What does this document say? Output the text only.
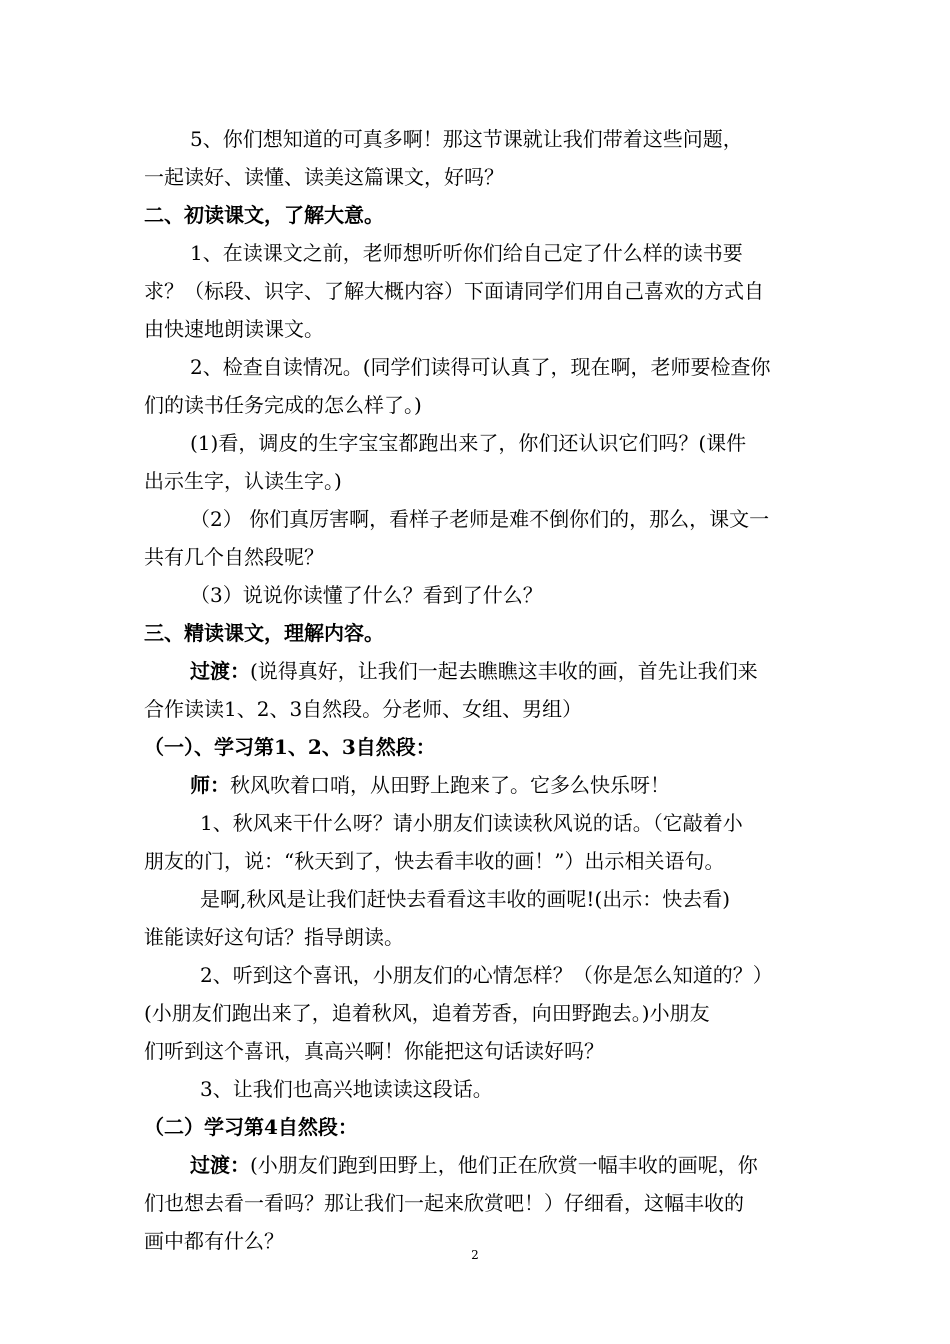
5、你们想知道的可真多啊！那这节课就让我们带着这些问题，
一起读好、读懂、读美这篇课文，好吗？
二、初读课文，了解大意。
1、在读课文之前，老师想听听你们给自己定了什么样的读书要
求？（标段、识字、了解大概内容）下面请同学们用自己喜欢的方式自
由快速地朗读课文。
2、检查自读情况。(同学们读得可认真了，现在啊，老师要检查你
们的读书任务完成的怎么样了。)
(1)看，调皮的生字宝宝都跑出来了，你们还认识它们吗？(课件
出示生字，认读生字。)
（2） 你们真厉害啊，看样子老师是难不倒你们的，那么，课文一
共有几个自然段呢？
（3）说说你读懂了什么？看到了什么？
三、精读课文，理解内容。
过渡：(说得真好，让我们一起去瞧瞧这丰收的画，首先让我们来
合作读读1、2、3自然段。分老师、女组、男组）
（一）、学习第1、2、3自然段：
师：秋风吹着口哨，从田野上跑来了。它多么快乐呀！
1、秋风来干什么呀？请小朋友们读读秋风说的话。（它敲着小
朋友的门，说：“秋天到了，快去看丰收的画！”）出示相关语句。
是啊,秋风是让我们赶快去看看这丰收的画呢!(出示：快去看)
谁能读好这句话？指导朗读。
2、听到这个喜讯，小朋友们的心情怎样？（你是怎么知道的？）
(小朋友们跑出来了，追着秋风，追着芳香，向田野跑去。)小朋友
们听到这个喜讯，真高兴啊！你能把这句话读好吗？
3、让我们也高兴地读读这段话。
（二）学习第4自然段：
过渡：(小朋友们跑到田野上，他们正在欣赏一幅丰收的画呢，你
们也想去看一看吗？那让我们一起来欣赏吧！）仔细看，这幅丰收的
画中都有什么？
2
